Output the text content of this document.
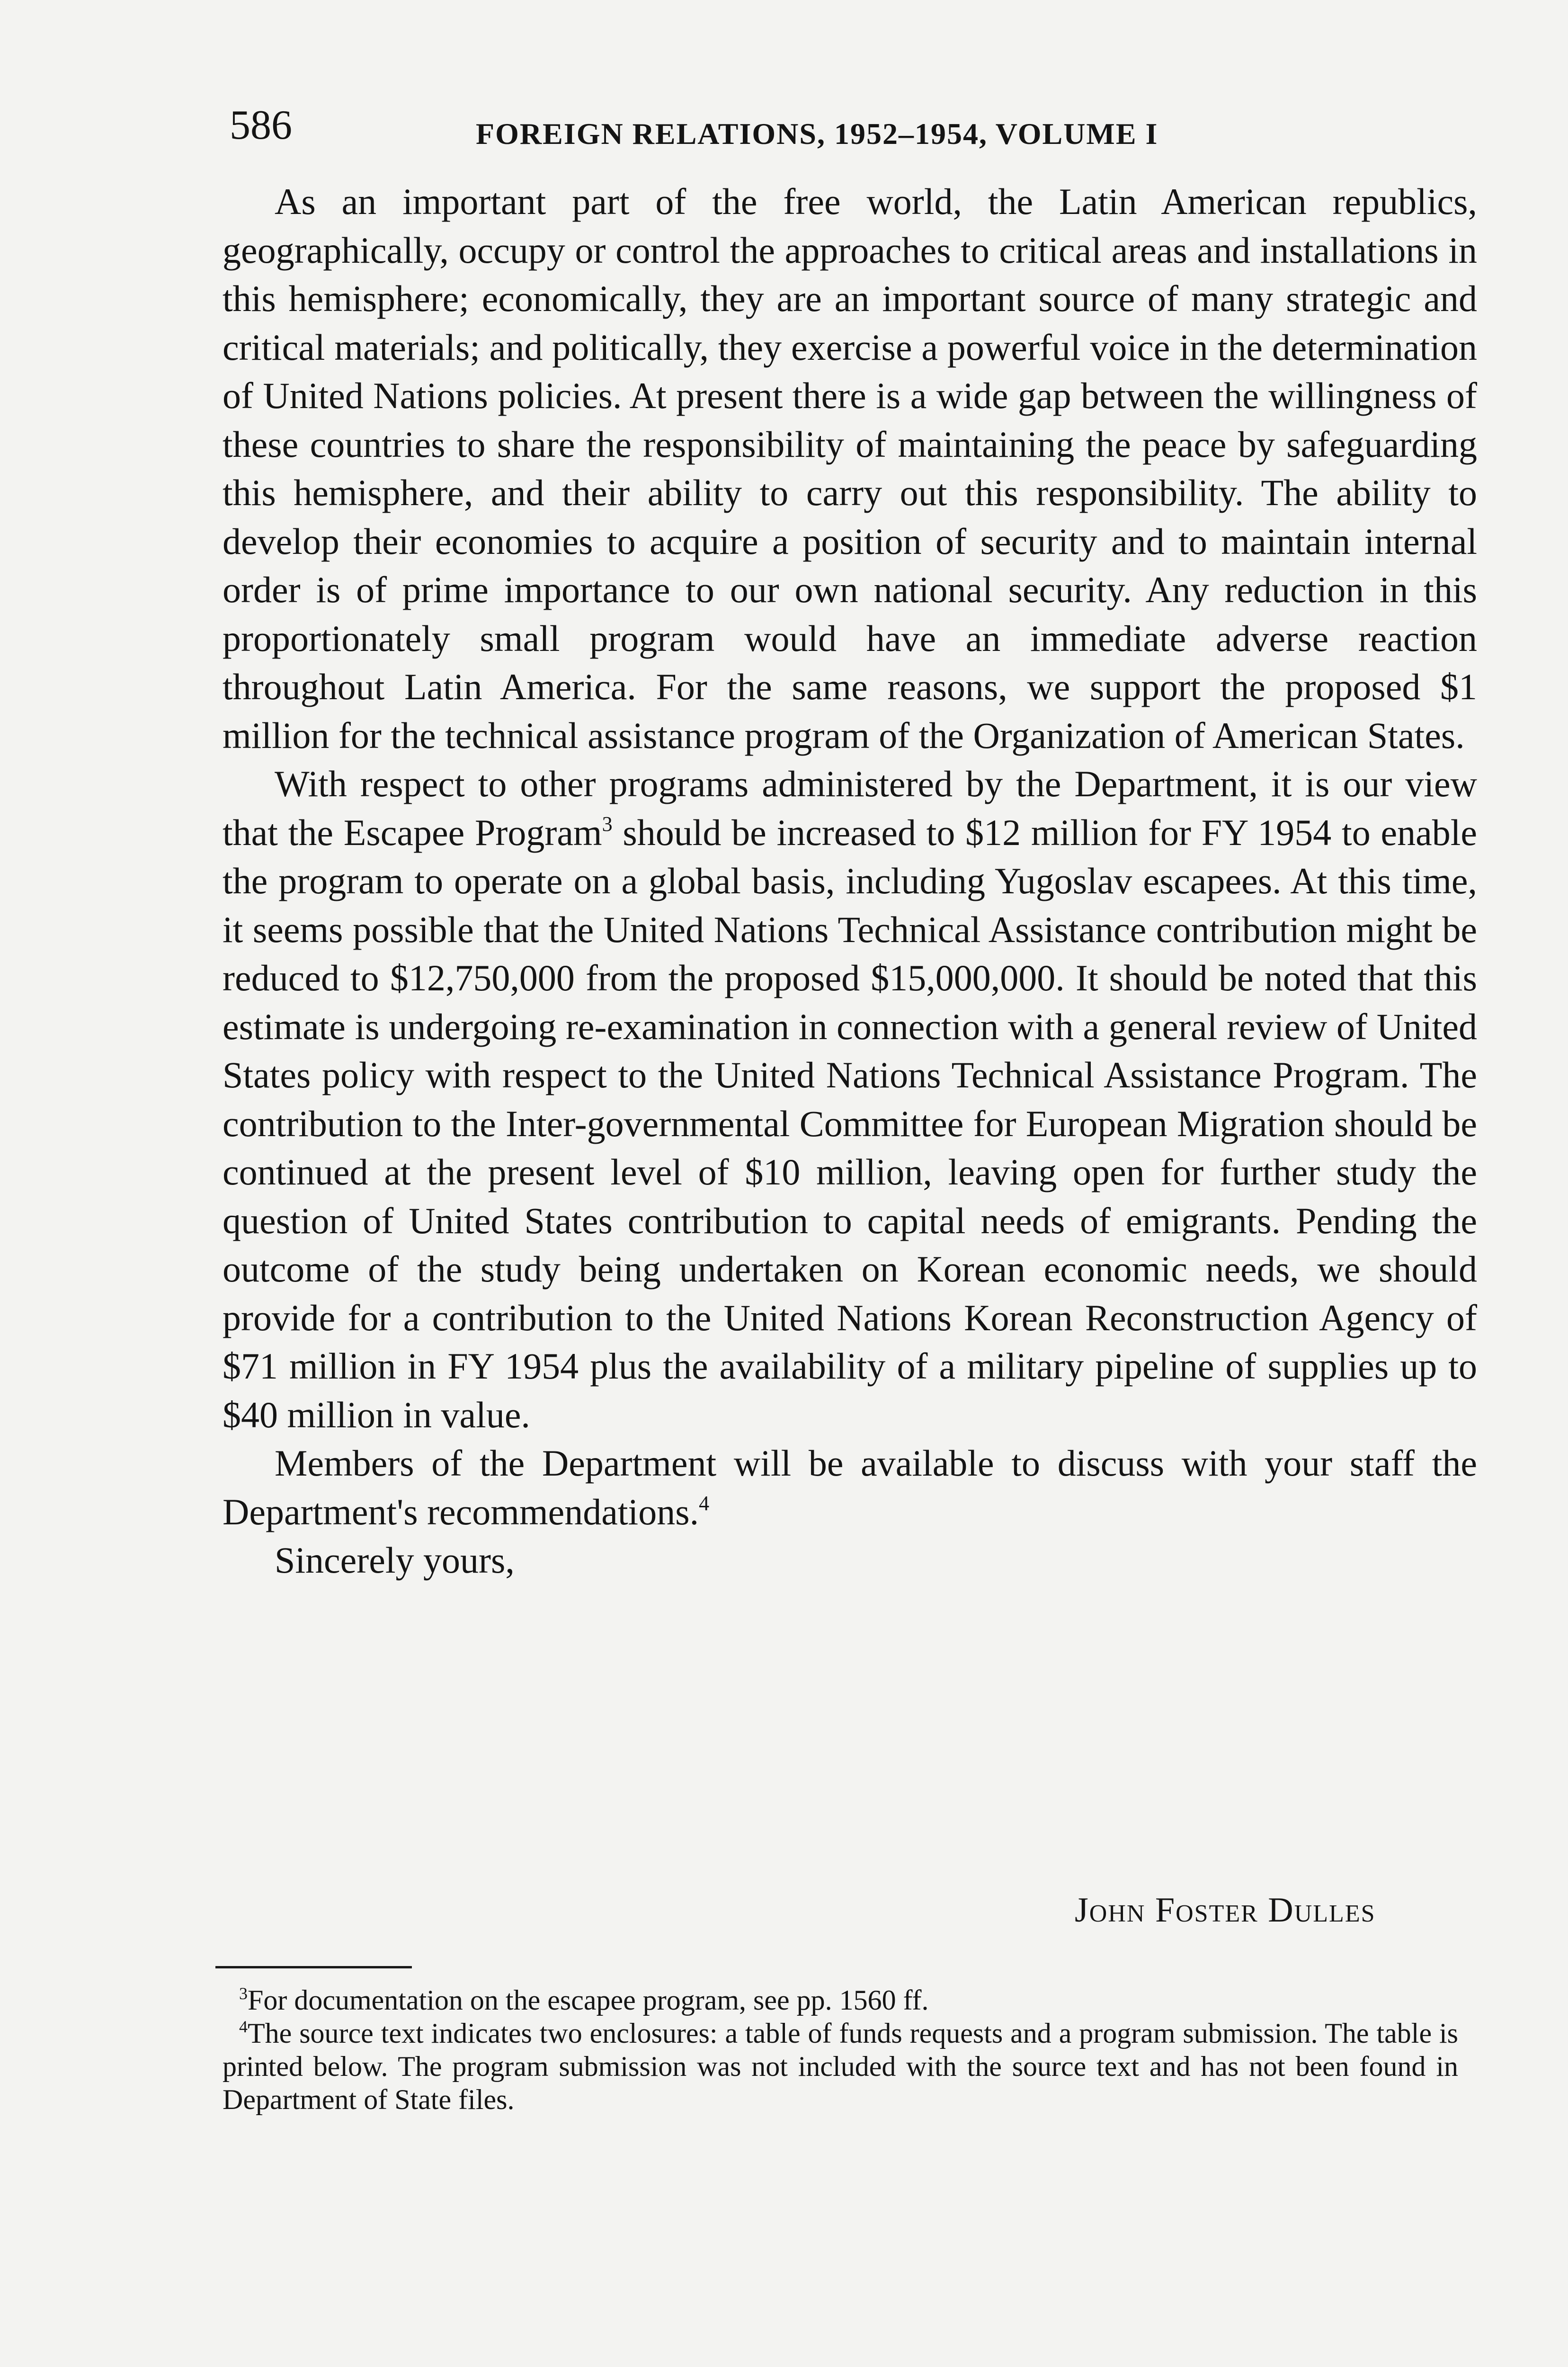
586	FOREIGN RELATIONS, 1952–1954, VOLUME I

As an important part of the free world, the Latin American republics, geographically, occupy or control the approaches to critical areas and installations in this hemisphere; economically, they are an important source of many strategic and critical materials; and politically, they exercise a powerful voice in the determination of United Nations policies. At present there is a wide gap between the willingness of these countries to share the responsibility of maintaining the peace by safeguarding this hemisphere, and their ability to carry out this responsibility. The ability to develop their economies to acquire a position of security and to maintain internal order is of prime importance to our own national security. Any reduction in this proportionately small program would have an immediate adverse reaction throughout Latin America. For the same reasons, we support the proposed $1 million for the technical assistance program of the Organization of American States.

With respect to other programs administered by the Department, it is our view that the Escapee Program$^3$ should be increased to $12 million for FY 1954 to enable the program to operate on a global basis, including Yugoslav escapees. At this time, it seems possible that the United Nations Technical Assistance contribution might be reduced to $12,750,000 from the proposed $15,000,000. It should be noted that this estimate is undergoing re-examination in connection with a general review of United States policy with respect to the United Nations Technical Assistance Program. The contribution to the Inter-governmental Committee for European Migration should be continued at the present level of $10 million, leaving open for further study the question of United States contribution to capital needs of emigrants. Pending the outcome of the study being undertaken on Korean economic needs, we should provide for a contribution to the United Nations Korean Reconstruction Agency of $71 million in FY 1954 plus the availability of a military pipeline of supplies up to $40 million in value.

Members of the Department will be available to discuss with your staff the Department's recommendations.$^4$

Sincerely yours,

John Foster Dulles

$^3$For documentation on the escapee program, see pp. 1560 ff.

$^4$The source text indicates two enclosures: a table of funds requests and a program submission. The table is printed below. The program submission was not included with the source text and has not been found in Department of State files.
